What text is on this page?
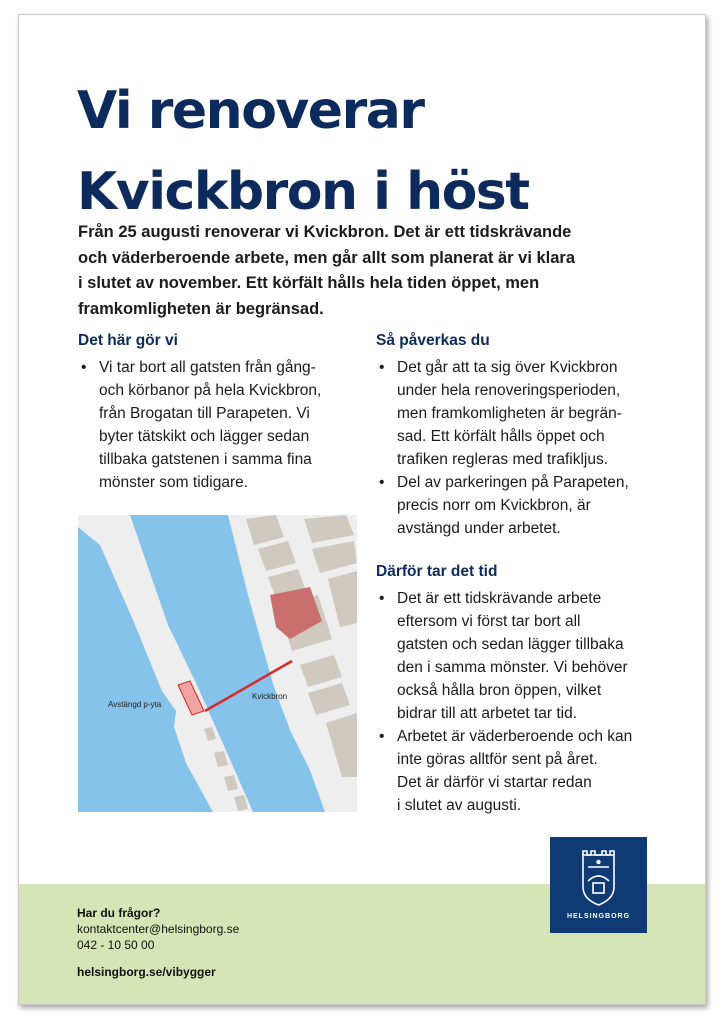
Vi renoverar
Kvickbron i höst

Från 25 augusti renoverar vi Kvickbron. Det är ett tidskrävande
och väderberoende arbete, men går allt som planerat är vi klara
i slutet av november. Ett körfält hålls hela tiden öppet, men
framkomligheten är begränsad.

Det här gör vi
• Vi tar bort all gatsten från gång-
och körbanor på hela Kvickbron,
från Brogatan till Parapeten. Vi
byter tätskikt och lägger sedan
tillbaka gatstenen i samma fina
mönster som tidigare.
Avstängd p-yta
Kvickbron
Så påverkas du
• Det går att ta sig över Kvickbron
under hela renoveringsperioden,
men framkomligheten är begrän-
sad. Ett körfält hålls öppet och
trafiken regleras med trafikljus.
• Del av parkeringen på Parapeten,
precis norr om Kvickbron, är
avstängd under arbetet.
Därför tar det tid
• Det är ett tidskrävande arbete
eftersom vi först tar bort all
gatsten och sedan lägger tillbaka
den i samma mönster. Vi behöver
också hålla bron öppen, vilket
bidrar till att arbetet tar tid.
• Arbetet är väderberoende och kan
inte göras alltför sent på året.
Det är därför vi startar redan
i slutet av augusti.
Har du frågor?
kontaktcenter@helsingborg.se
042 - 10 50 00
helsingborg.se/vibygger
HELSINGBORG
